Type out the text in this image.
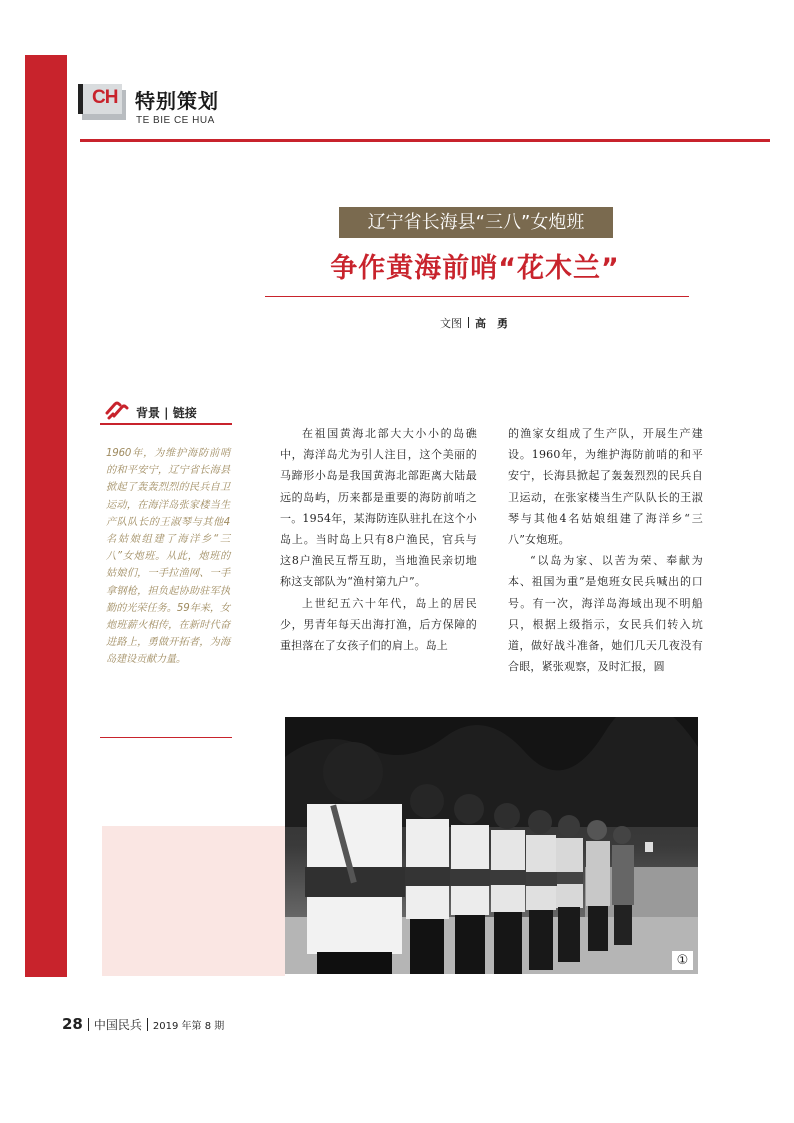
CH 特别策划
TE BIE CE HUA
辽宁省长海县“三八”女炮班
争作黄海前哨“花木兰”
文图 高　勇
背景 | 链接
1960年，为维护海防前哨的和平安宁，辽宁省长海县掀起了轰轰烈烈的民兵自卫运动，在海洋岛张家楼当生产队队长的王淑琴与其他4名姑娘组建了海洋乡“三八”女炮班。从此，炮班的姑娘们，一手拉渔网、一手拿钢枪，担负起协助驻军执勤的光荣任务。59年来，女炮班薪火相传，在新时代奋进路上，勇做开拓者，为海岛建设贡献力量。

在祖国黄海北部大大小小的岛礁中，海洋岛尤为引人注目，这个美丽的马蹄形小岛是我国黄海北部距离大陆最远的岛屿，历来都是重要的海防前哨之一。1954年，某海防连队驻扎在这个小岛上。当时岛上只有8户渔民，官兵与这8户渔民互帮互助，当地渔民亲切地称这支部队为“渔村第九户”。

上世纪五六十年代，岛上的居民少，男青年每天出海打渔，后方保障的重担落在了女孩子们的肩上。岛上

的渔家女组成了生产队，开展生产建设。1960年，为维护海防前哨的和平安宁，长海县掀起了轰轰烈烈的民兵自卫运动，在张家楼当生产队队长的王淑琴与其他4名姑娘组建了海洋乡“三八”女炮班。

“以岛为家、以苦为荣、奉献为本、祖国为重”是炮班女民兵喊出的口号。有一次，海洋岛海域出现不明船只，根据上级指示，女民兵们转入坑道，做好战斗准备，她们几天几夜没有合眼，紧张观察，及时汇报，圆

①
28 中国民兵 2019 年第 8 期
